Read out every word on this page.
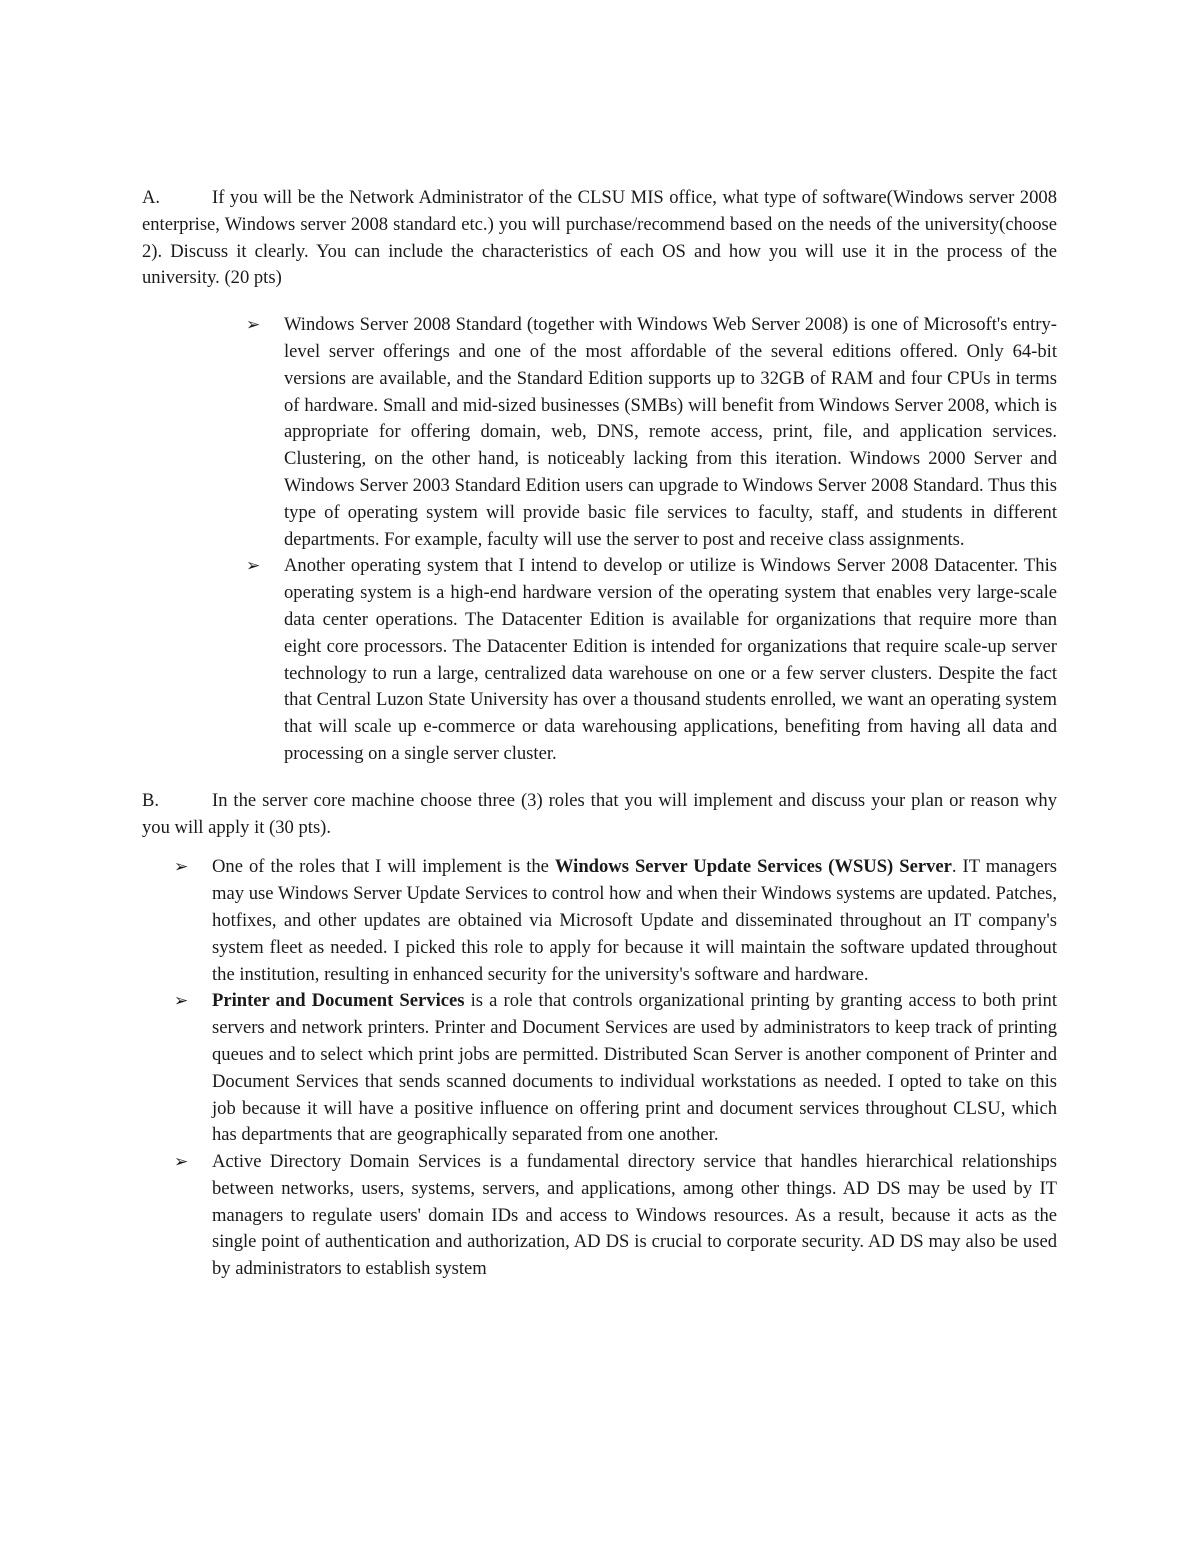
A.	If you will be the Network Administrator of the CLSU MIS office, what type of software(Windows server 2008 enterprise, Windows server 2008 standard etc.) you will purchase/recommend based on the needs of the university(choose 2). Discuss it clearly. You can include the characteristics of each OS and how you will use it in the process of the university. (20 pts)

➢	Windows Server 2008 Standard (together with Windows Web Server 2008) is one of Microsoft's entry-level server offerings and one of the most affordable of the several editions offered. Only 64-bit versions are available, and the Standard Edition supports up to 32GB of RAM and four CPUs in terms of hardware. Small and mid-sized businesses (SMBs) will benefit from Windows Server 2008, which is appropriate for offering domain, web, DNS, remote access, print, file, and application services. Clustering, on the other hand, is noticeably lacking from this iteration. Windows 2000 Server and Windows Server 2003 Standard Edition users can upgrade to Windows Server 2008 Standard. Thus this type of operating system will provide basic file services to faculty, staff, and students in different departments. For example, faculty will use the server to post and receive class assignments.
➢	Another operating system that I intend to develop or utilize is Windows Server 2008 Datacenter. This operating system is a high-end hardware version of the operating system that enables very large-scale data center operations. The Datacenter Edition is available for organizations that require more than eight core processors. The Datacenter Edition is intended for organizations that require scale-up server technology to run a large, centralized data warehouse on one or a few server clusters. Despite the fact that Central Luzon State University has over a thousand students enrolled, we want an operating system that will scale up e-commerce or data warehousing applications, benefiting from having all data and processing on a single server cluster.
B.	In the server core machine choose three (3) roles that you will implement and discuss your plan or reason why you will apply it (30 pts).

➢	One of the roles that I will implement is the Windows Server Update Services (WSUS) Server. IT managers may use Windows Server Update Services to control how and when their Windows systems are updated. Patches, hotfixes, and other updates are obtained via Microsoft Update and disseminated throughout an IT company's system fleet as needed. I picked this role to apply for because it will maintain the software updated throughout the institution, resulting in enhanced security for the university's software and hardware.
➢	Printer and Document Services is a role that controls organizational printing by granting access to both print servers and network printers. Printer and Document Services are used by administrators to keep track of printing queues and to select which print jobs are permitted. Distributed Scan Server is another component of Printer and Document Services that sends scanned documents to individual workstations as needed. I opted to take on this job because it will have a positive influence on offering print and document services throughout CLSU, which has departments that are geographically separated from one another.
➢	Active Directory Domain Services is a fundamental directory service that handles hierarchical relationships between networks, users, systems, servers, and applications, among other things. AD DS may be used by IT managers to regulate users' domain IDs and access to Windows resources. As a result, because it acts as the single point of authentication and authorization, AD DS is crucial to corporate security. AD DS may also be used by administrators to establish system
